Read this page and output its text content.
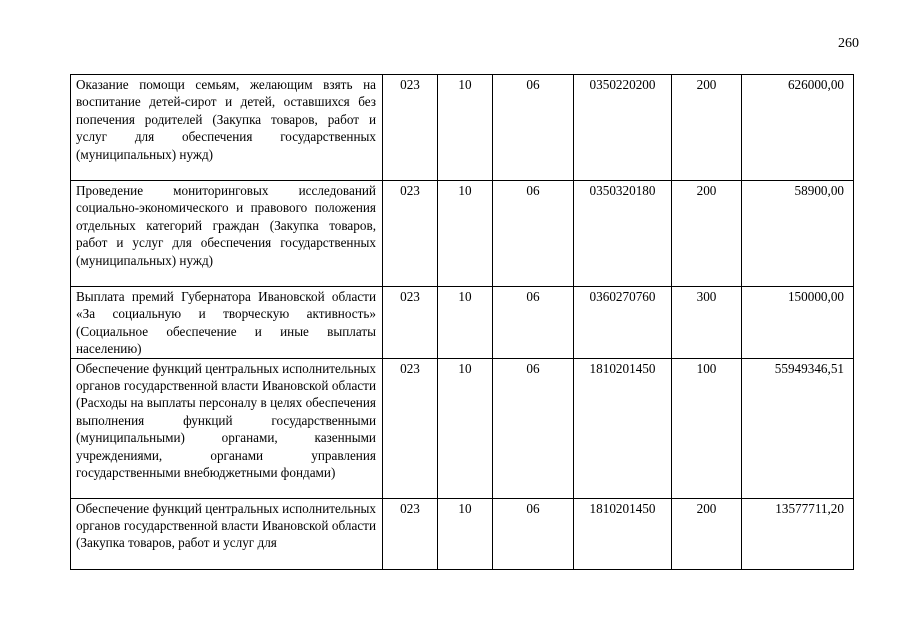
260
Оказание помощи семьям, желающим взять на воспитание детей-сирот и детей, оставшихся без попечения родителей (Закупка товаров, работ и услуг для обеспечения государственных (муниципальных) нужд)	023	10	06	0350220200	200	626000,00

Проведение мониторинговых исследований социально-экономического и правового положения отдельных категорий граждан (Закупка товаров, работ и услуг для обеспечения государственных (муниципальных) нужд)	023	10	06	0350320180	200	58900,00

Выплата премий Губернатора Ивановской области «За социальную и творческую активность» (Социальное обеспечение и иные выплаты населению)	023	10	06	0360270760	300	150000,00

Обеспечение функций центральных исполнительных органов государственной власти Ивановской области (Расходы на выплаты персоналу в целях обеспечения выполнения функций государственными (муниципальными) органами, казенными учреждениями, органами управления государственными внебюджетными фондами)	023	10	06	1810201450	100	55949346,51

Обеспечение функций центральных исполнительных органов государственной власти Ивановской области (Закупка товаров, работ и услуг для	023	10	06	1810201450	200	13577711,20
